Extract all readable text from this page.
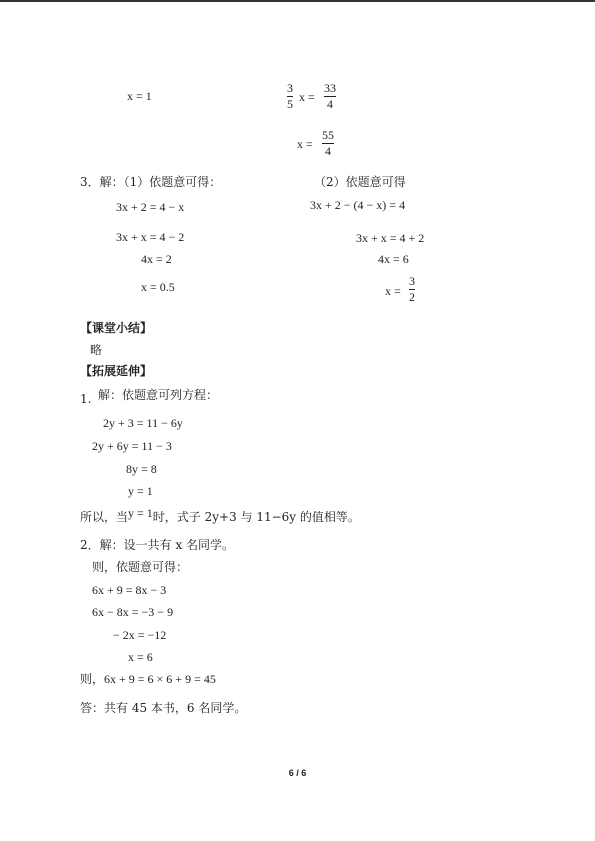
x = 1
3
5 x =
33
4
x =
55
4
3．解：（1）依题意可得：	（2）依题意可得
3x + 2 = 4 − x
3x + x = 4 − 2
4x = 2
x = 0.5
3x + 2 − (4 − x) = 4
3x + x = 4 + 2
4x = 6
x =
3
2
【课堂小结】
略
【拓展延伸】
1. 解：依题意可列方程：
2y + 3 = 11 − 6y
2y + 6y = 11 − 3
8y = 8
y = 1
所以，当y = 1时，式子 2y+3 与 11−6y 的值相等。
2．解：设一共有 x 名同学。
则，依题意可得：
6x + 9 = 8x − 3
6x − 8x = −3 − 9
− 2x = −12
x = 6
则，6x + 9 = 6 × 6 + 9 = 45
答：共有 45 本书，6 名同学。
6 / 6
